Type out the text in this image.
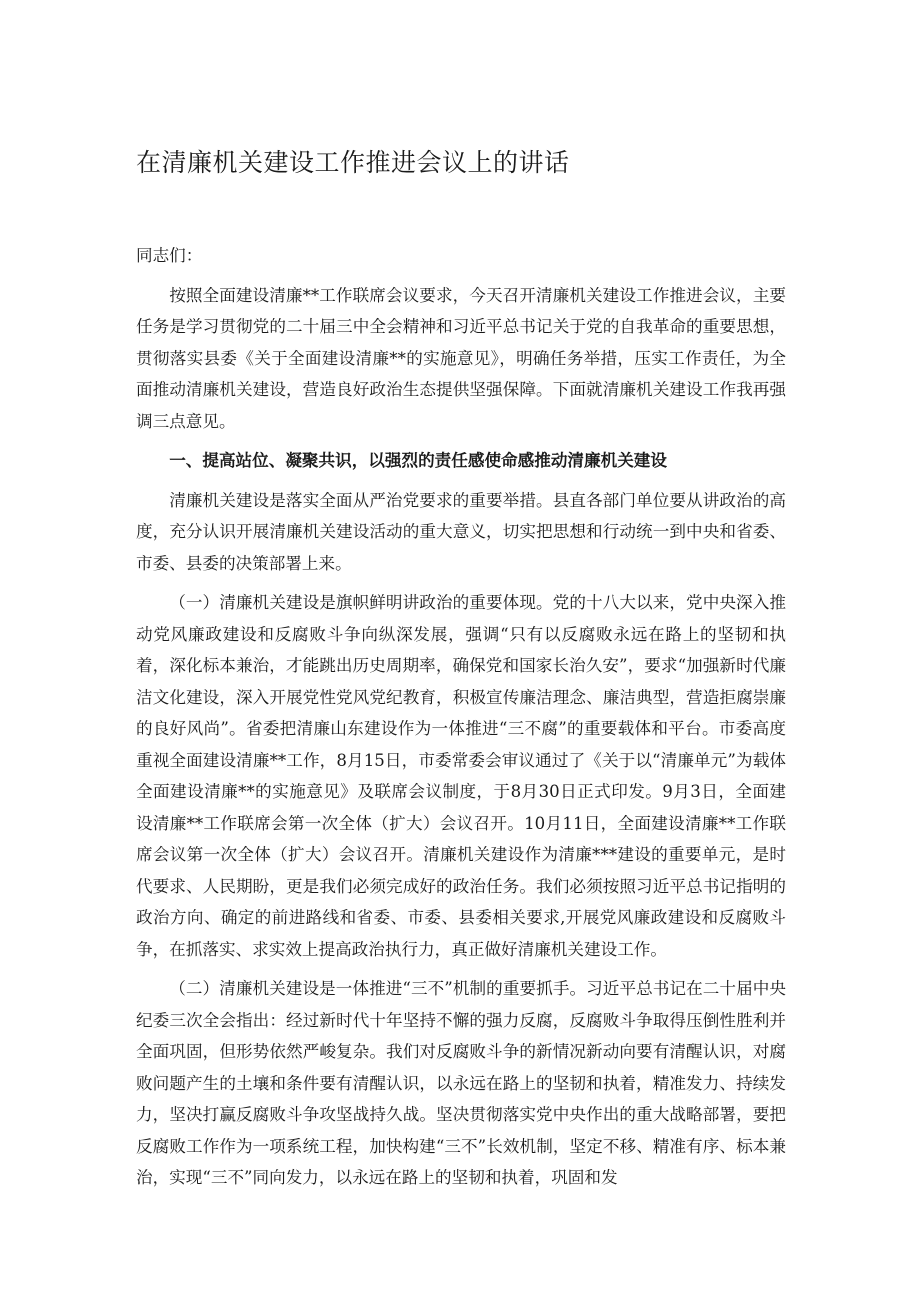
在清廉机关建设工作推进会议上的讲话

同志们：

按照全面建设清廉**工作联席会议要求，今天召开清廉机关建设工作推进会议，主要任务是学习贯彻党的二十届三中全会精神和习近平总书记关于党的自我革命的重要思想，贯彻落实县委《关于全面建设清廉**的实施意见》，明确任务举措，压实工作责任，为全面推动清廉机关建设，营造良好政治生态提供坚强保障。下面就清廉机关建设工作我再强调三点意见。

一、提高站位、凝聚共识，以强烈的责任感使命感推动清廉机关建设

清廉机关建设是落实全面从严治党要求的重要举措。县直各部门单位要从讲政治的高度，充分认识开展清廉机关建设活动的重大意义，切实把思想和行动统一到中央和省委、市委、县委的决策部署上来。

（一）清廉机关建设是旗帜鲜明讲政治的重要体现。党的十八大以来，党中央深入推动党风廉政建设和反腐败斗争向纵深发展，强调“只有以反腐败永远在路上的坚韧和执着，深化标本兼治，才能跳出历史周期率，确保党和国家长治久安”，要求“加强新时代廉洁文化建设，深入开展党性党风党纪教育，积极宣传廉洁理念、廉洁典型，营造拒腐崇廉的良好风尚”。省委把清廉山东建设作为一体推进“三不腐”的重要载体和平台。市委高度重视全面建设清廉**工作，8月15日，市委常委会审议通过了《关于以“清廉单元”为载体全面建设清廉**的实施意见》及联席会议制度，于8月30日正式印发。9月3日，全面建设清廉**工作联席会第一次全体（扩大）会议召开。10月11日，全面建设清廉**工作联席会议第一次全体（扩大）会议召开。清廉机关建设作为清廉***建设的重要单元，是时代要求、人民期盼，更是我们必须完成好的政治任务。我们必须按照习近平总书记指明的政治方向、确定的前进路线和省委、市委、县委相关要求,开展党风廉政建设和反腐败斗争，在抓落实、求实效上提高政治执行力，真正做好清廉机关建设工作。

（二）清廉机关建设是一体推进“三不”机制的重要抓手。习近平总书记在二十届中央纪委三次全会指出：经过新时代十年坚持不懈的强力反腐，反腐败斗争取得压倒性胜利并全面巩固，但形势依然严峻复杂。我们对反腐败斗争的新情况新动向要有清醒认识，对腐败问题产生的土壤和条件要有清醒认识，以永远在路上的坚韧和执着，精准发力、持续发力，坚决打赢反腐败斗争攻坚战持久战。坚决贯彻落实党中央作出的重大战略部署，要把反腐败工作作为一项系统工程，加快构建“三不”长效机制，坚定不移、精准有序、标本兼治，实现“三不”同向发力，以永远在路上的坚韧和执着，巩固和发
